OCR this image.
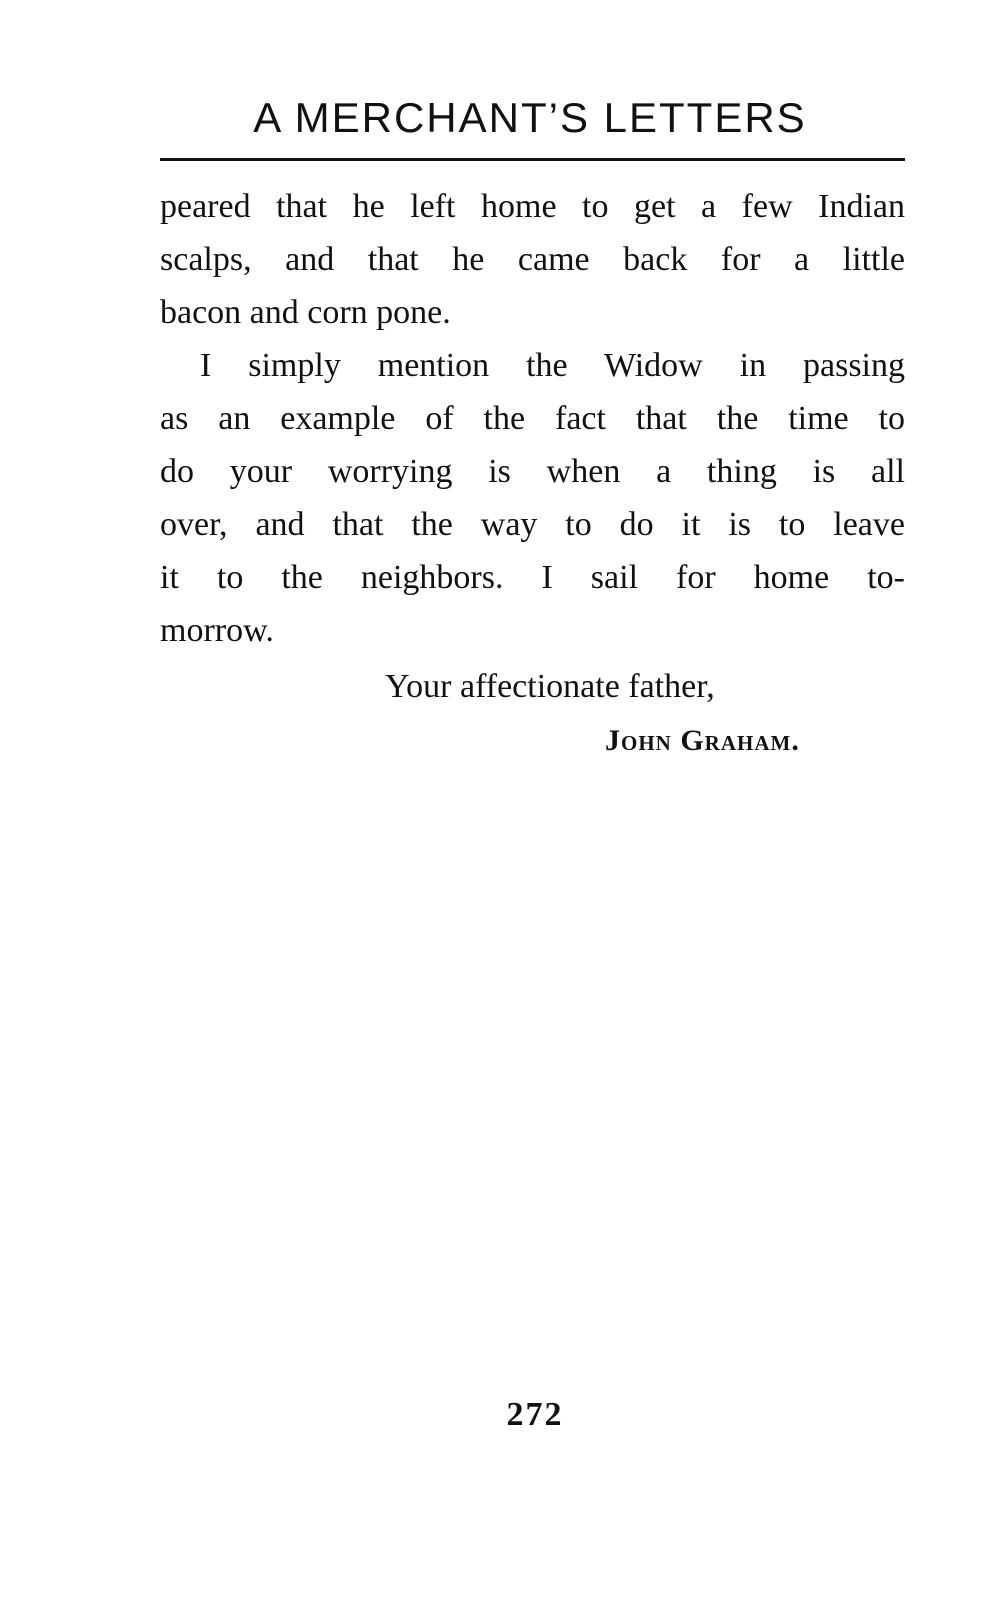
A MERCHANT’S LETTERS

peared that he left home to get a few Indian
scalps, and that he came back for a little
bacon and corn pone.

I simply mention the Widow in passing
as an example of the fact that the time to
do your worrying is when a thing is all
over, and that the way to do it is to leave
it to the neighbors. I sail for home to-
morrow.

Your affectionate father,
John Graham.
272
